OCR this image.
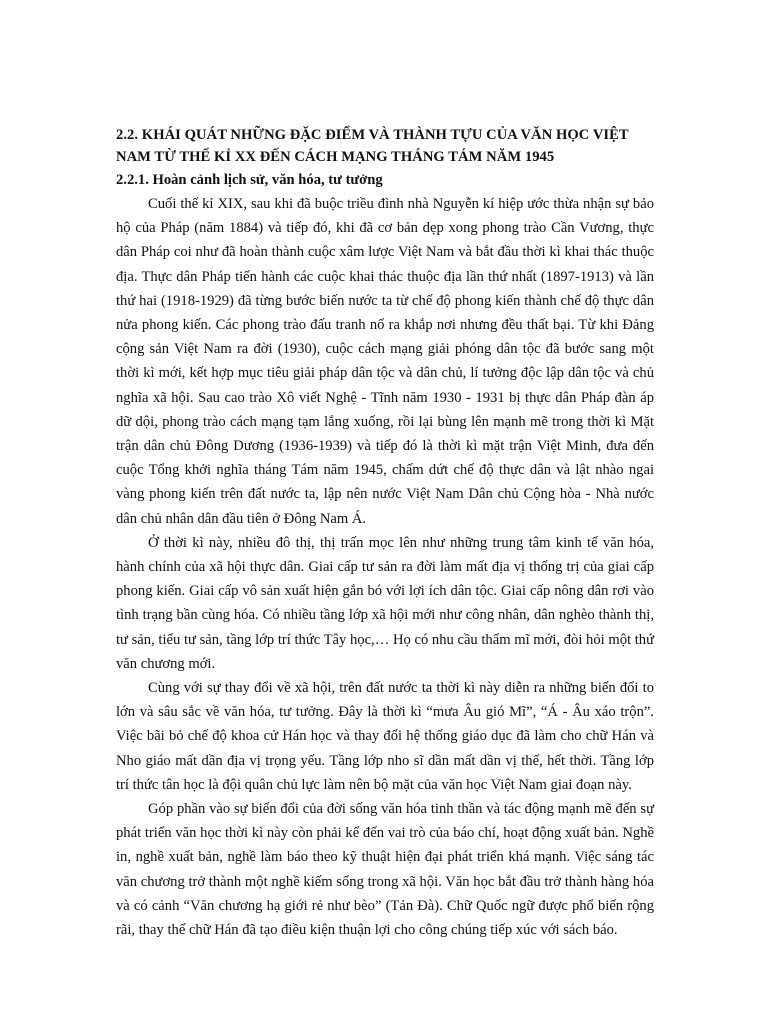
2.2. KHÁI QUÁT NHỮNG ĐẶC ĐIỂM VÀ THÀNH TỰU CỦA VĂN HỌC VIỆT NAM TỪ THẾ KỈ XX ĐẾN CÁCH MẠNG THÁNG TÁM NĂM 1945
2.2.1. Hoàn cảnh lịch sử, văn hóa, tư tưởng

Cuối thế kỉ XIX, sau khi đã buộc triều đình nhà Nguyễn kí hiệp ước thừa nhận sự bảo hộ của Pháp (năm 1884) và tiếp đó, khi đã cơ bản dẹp xong phong trào Cần Vương, thực dân Pháp coi như đã hoàn thành cuộc xâm lược Việt Nam và bắt đầu thời kì khai thác thuộc địa. Thực dân Pháp tiến hành các cuộc khai thác thuộc địa lần thứ nhất (1897-1913) và lần thứ hai (1918-1929) đã từng bước biến nước ta từ chế độ phong kiến thành chế độ thực dân nửa phong kiến. Các phong trào đấu tranh nổ ra khắp nơi nhưng đều thất bại. Từ khi Đảng cộng sản Việt Nam ra đời (1930), cuộc cách mạng giải phóng dân tộc đã bước sang một thời kì mới, kết hợp mục tiêu giải pháp dân tộc và dân chủ, lí tưởng độc lập dân tộc và chủ nghĩa xã hội. Sau cao trào Xô viết Nghệ - Tĩnh năm 1930 - 1931 bị thực dân Pháp đàn áp dữ dội, phong trào cách mạng tạm lắng xuống, rồi lại bùng lên mạnh mẽ trong thời kì Mặt trận dân chủ Đông Dương (1936-1939) và tiếp đó là thời kì mặt trận Việt Minh, đưa đến cuộc Tổng khởi nghĩa tháng Tám năm 1945, chấm dứt chế độ thực dân và lật nhào ngai vàng phong kiến trên đất nước ta, lập nên nước Việt Nam Dân chủ Cộng hòa - Nhà nước dân chủ nhân dân đầu tiên ở Đông Nam Á.

Ở thời kì này, nhiều đô thị, thị trấn mọc lên như những trung tâm kinh tế văn hóa, hành chính của xã hội thực dân. Giai cấp tư sản ra đời làm mất địa vị thống trị của giai cấp phong kiến. Giai cấp vô sản xuất hiện gắn bó với lợi ích dân tộc. Giai cấp nông dân rơi vào tình trạng bần cùng hóa. Có nhiều tầng lớp xã hội mới như công nhân, dân nghèo thành thị, tư sản, tiểu tư sản, tầng lớp trí thức Tây học,… Họ có nhu cầu thẩm mĩ mới, đòi hỏi một thứ văn chương mới.

Cùng với sự thay đổi về xã hội, trên đất nước ta thời kì này diễn ra những biến đổi to lớn và sâu sắc về văn hóa, tư tưởng. Đây là thời kì “mưa Âu gió Mĩ”, “Á - Âu xáo trộn”. Việc bãi bỏ chế độ khoa cử Hán học và thay đổi hệ thống giáo dục đã làm cho chữ Hán và Nho giáo mất dần địa vị trọng yếu. Tầng lớp nho sĩ dần mất dần vị thế, hết thời. Tầng lớp trí thức tân học là đội quân chủ lực làm nên bộ mặt của văn học Việt Nam giai đoạn này.

Góp phần vào sự biến đổi của đời sống văn hóa tinh thần và tác động mạnh mẽ đến sự phát triển văn học thời kì này còn phải kể đến vai trò của báo chí, hoạt động xuất bản. Nghề in, nghề xuất bản, nghề làm báo theo kỹ thuật hiện đại phát triển khá mạnh. Việc sáng tác văn chương trở thành một nghề kiếm sống trong xã hội. Văn học bắt đầu trở thành hàng hóa và có cảnh “Văn chương hạ giới rẻ như bèo” (Tản Đà). Chữ Quốc ngữ được phổ biến rộng rãi, thay thế chữ Hán đã tạo điều kiện thuận lợi cho công chúng tiếp xúc với sách báo.
